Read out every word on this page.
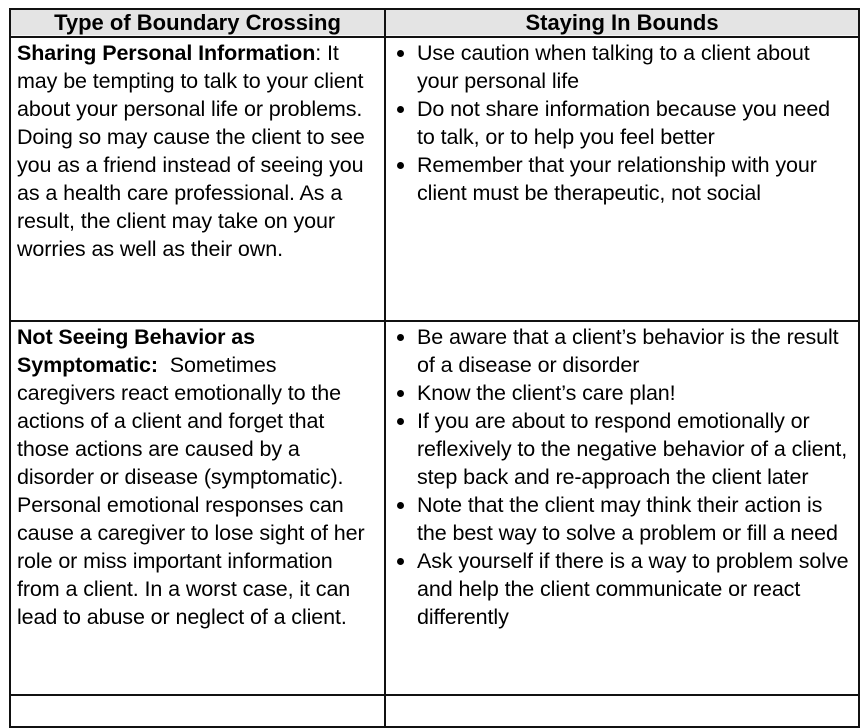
Type of Boundary Crossing	Staying In Bounds
Sharing Personal Information: It may be tempting to talk to your client about your personal life or problems. Doing so may cause the client to see you as a friend instead of seeing you as a health care professional. As a result, the client may take on your worries as well as their own.
Use caution when talking to a client about your personal life
Do not share information because you need to talk, or to help you feel better
Remember that your relationship with your client must be therapeutic, not social
Not Seeing Behavior as Symptomatic:  Sometimes caregivers react emotionally to the actions of a client and forget that those actions are caused by a disorder or disease (symptomatic). Personal emotional responses can cause a caregiver to lose sight of her role or miss important information from a client. In a worst case, it can lead to abuse or neglect of a client.
Be aware that a client’s behavior is the result of a disease or disorder
Know the client’s care plan!
If you are about to respond emotionally or reflexively to the negative behavior of a client, step back and re-approach the client later
Note that the client may think their action is the best way to solve a problem or fill a need
Ask yourself if there is a way to problem solve and help the client communicate or react differently
